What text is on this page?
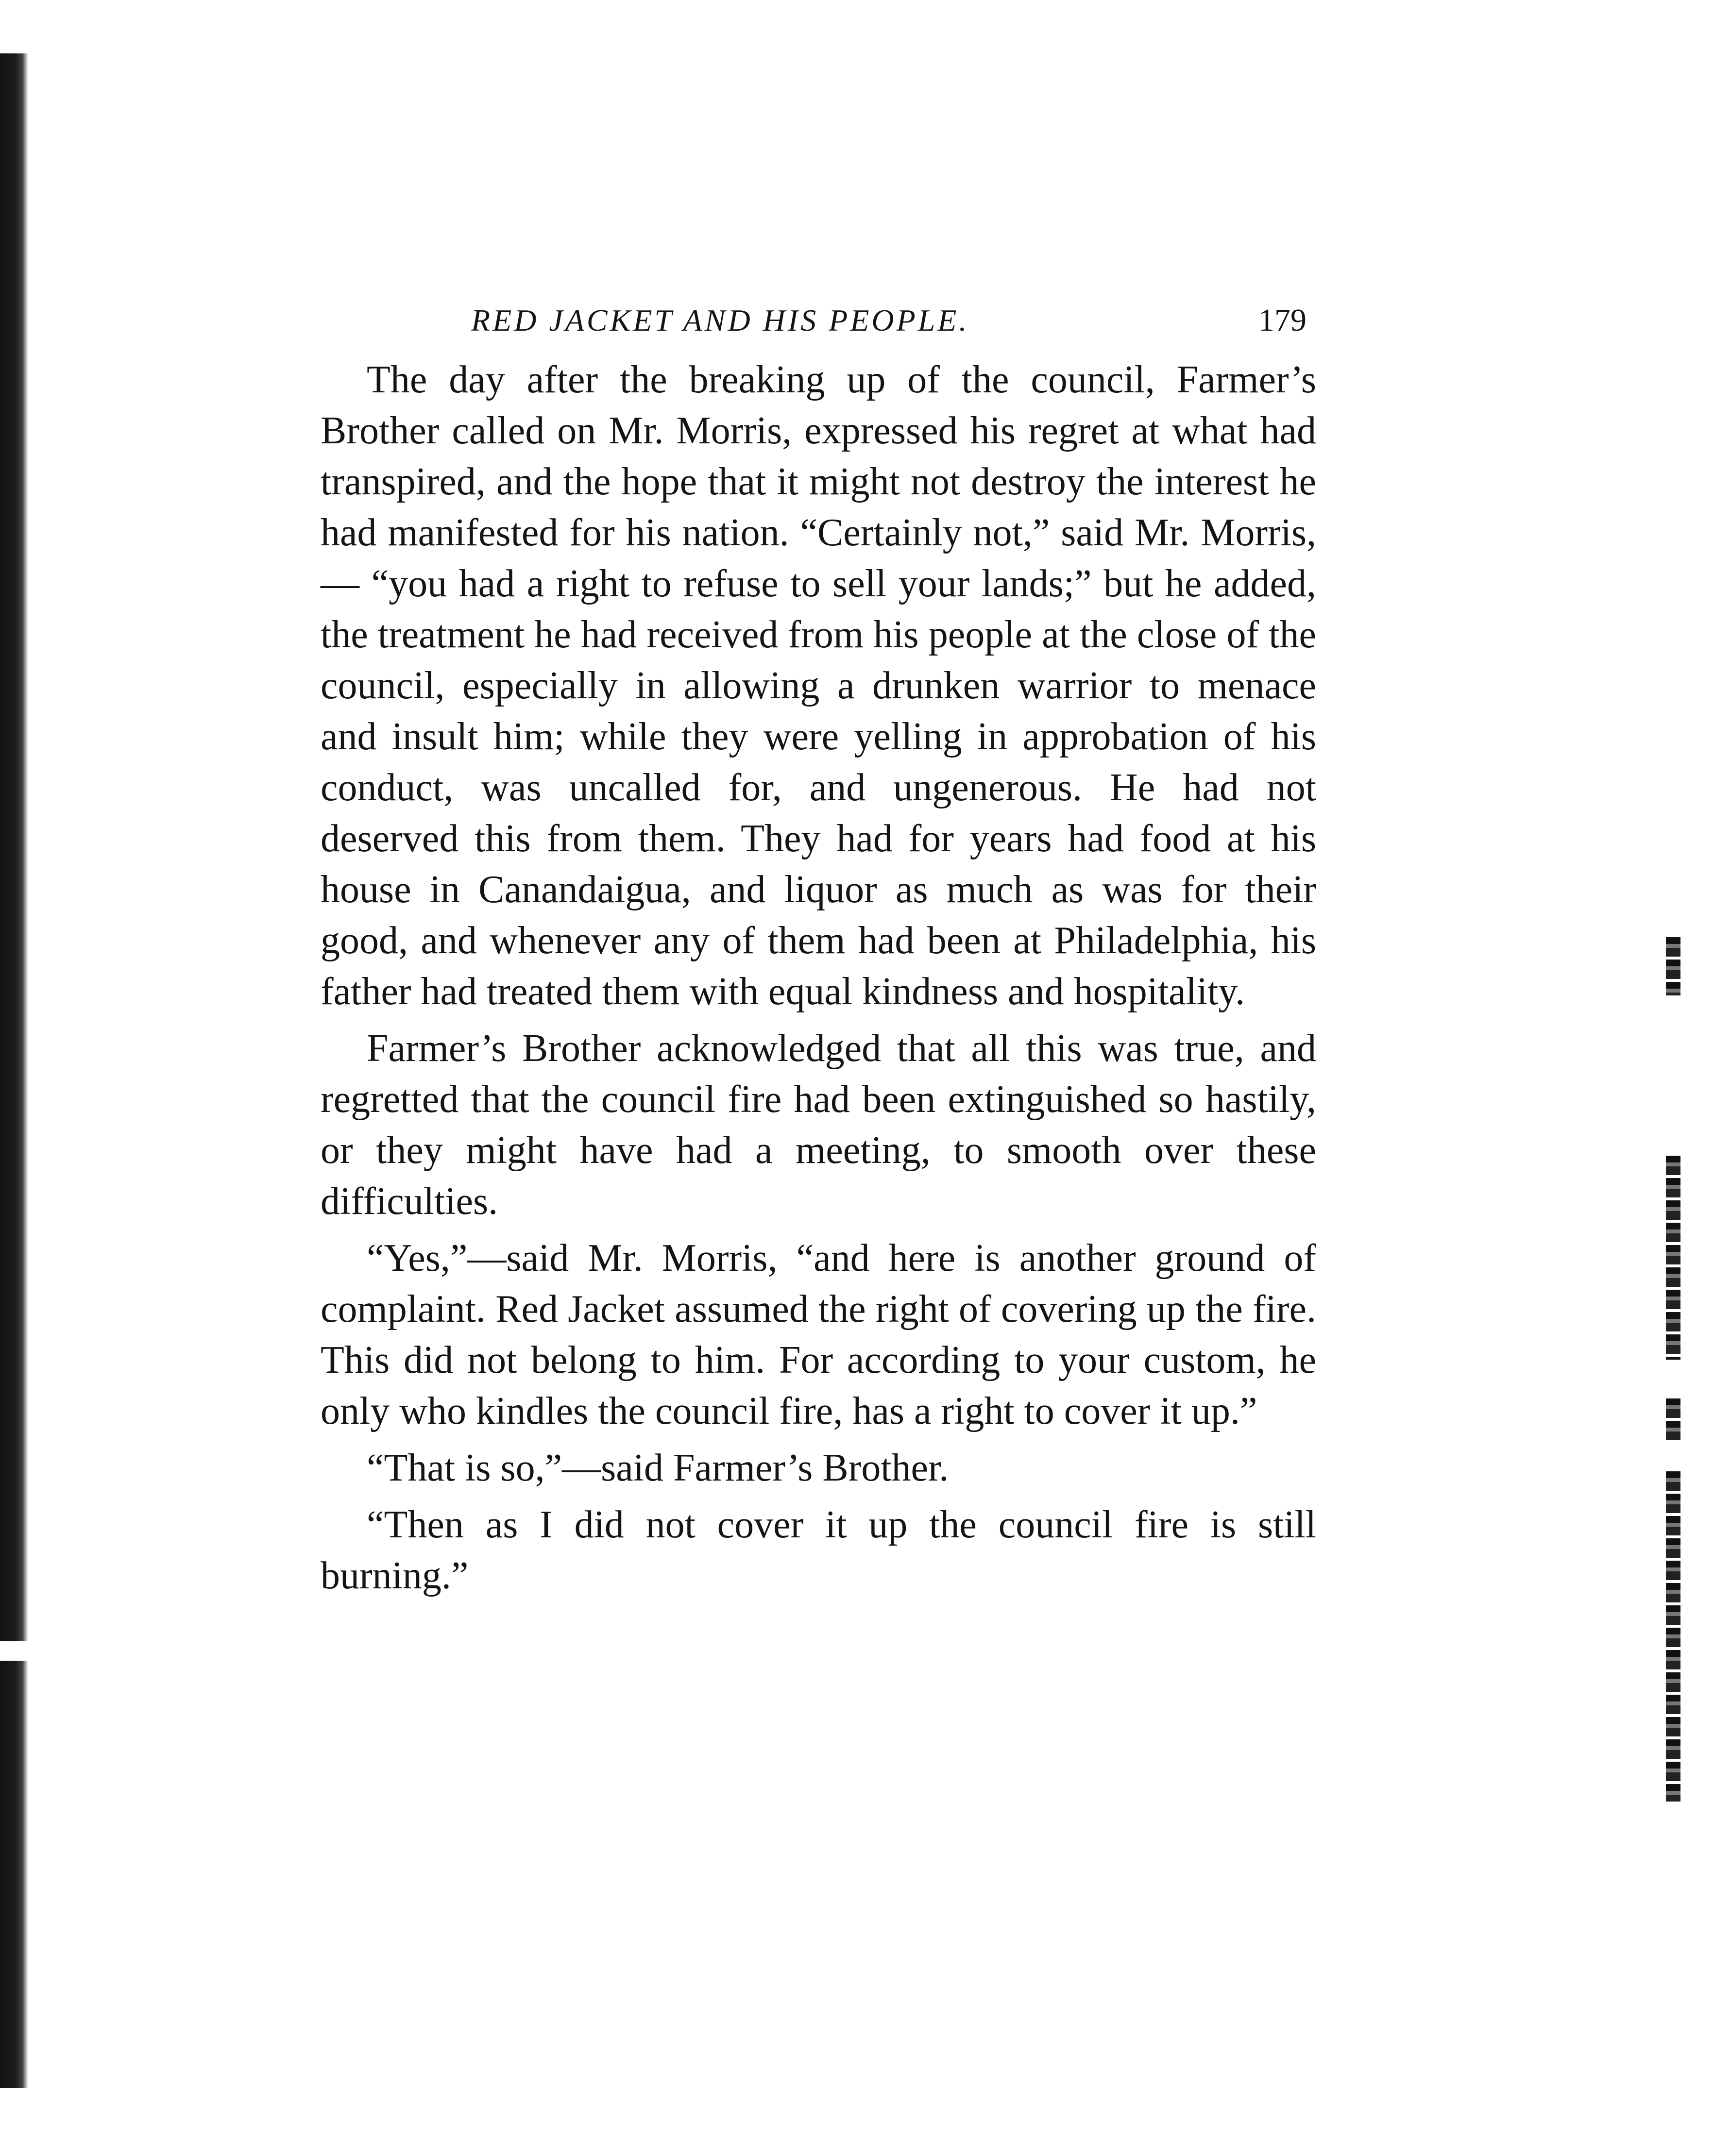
RED JACKET AND HIS PEOPLE.	179

The day after the breaking up of the council, Farmer’s Brother called on Mr. Morris, expressed his regret at what had transpired, and the hope that it might not destroy the interest he had manifested for his nation. “Certainly not,” said Mr. Morris,— “you had a right to refuse to sell your lands;” but he added, the treatment he had received from his people at the close of the council, especially in allowing a drunken warrior to menace and insult him; while they were yelling in approbation of his conduct, was uncalled for, and ungenerous. He had not deserved this from them. They had for years had food at his house in Canandaigua, and liquor as much as was for their good, and whenever any of them had been at Philadelphia, his father had treated them with equal kindness and hospitality.

Farmer’s Brother acknowledged that all this was true, and regretted that the council fire had been extinguished so hastily, or they might have had a meeting, to smooth over these difficulties.

“Yes,”—said Mr. Morris, “and here is another ground of complaint. Red Jacket assumed the right of covering up the fire. This did not belong to him. For according to your custom, he only who kindles the council fire, has a right to cover it up.”

“That is so,”—said Farmer’s Brother.

“Then as I did not cover it up the council fire is still burning.”
